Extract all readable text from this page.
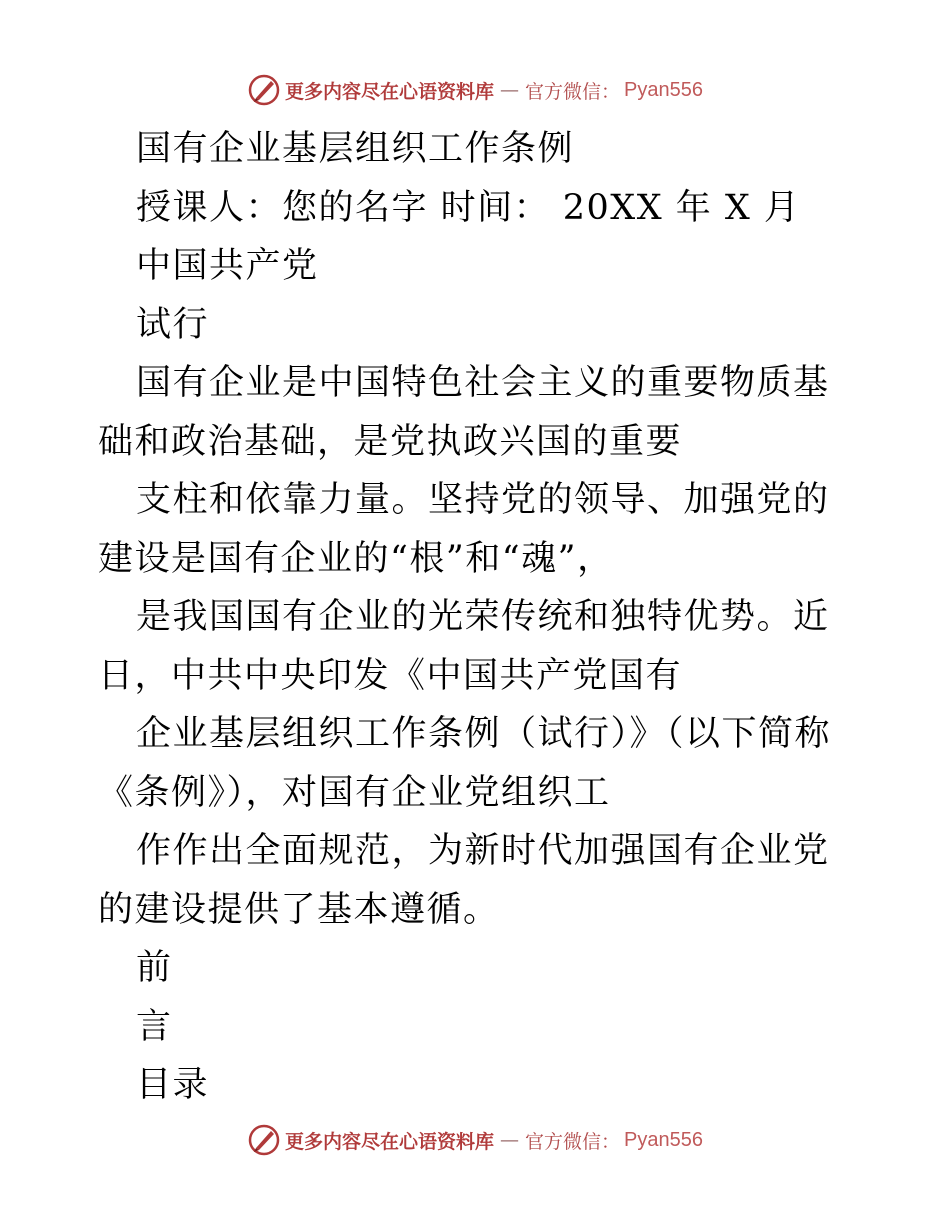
更多内容尽在心语资料库 — 官方微信： Pyan556

国有企业基层组织工作条例

授课人：您的名字 时间： 20XX 年 X 月

中国共产党

试行

国有企业是中国特色社会主义的重要物质基础和政治基础，是党执政兴国的重要

支柱和依靠力量。坚持党的领导、加强党的建设是国有企业的“根”和“魂”，

是我国国有企业的光荣传统和独特优势。近日，中共中央印发《中国共产党国有

企业基层组织工作条例（试行）》（以下简称《条例》），对国有企业党组织工

作作出全面规范，为新时代加强国有企业党的建设提供了基本遵循。

前

言

目录

更多内容尽在心语资料库 — 官方微信： Pyan556
